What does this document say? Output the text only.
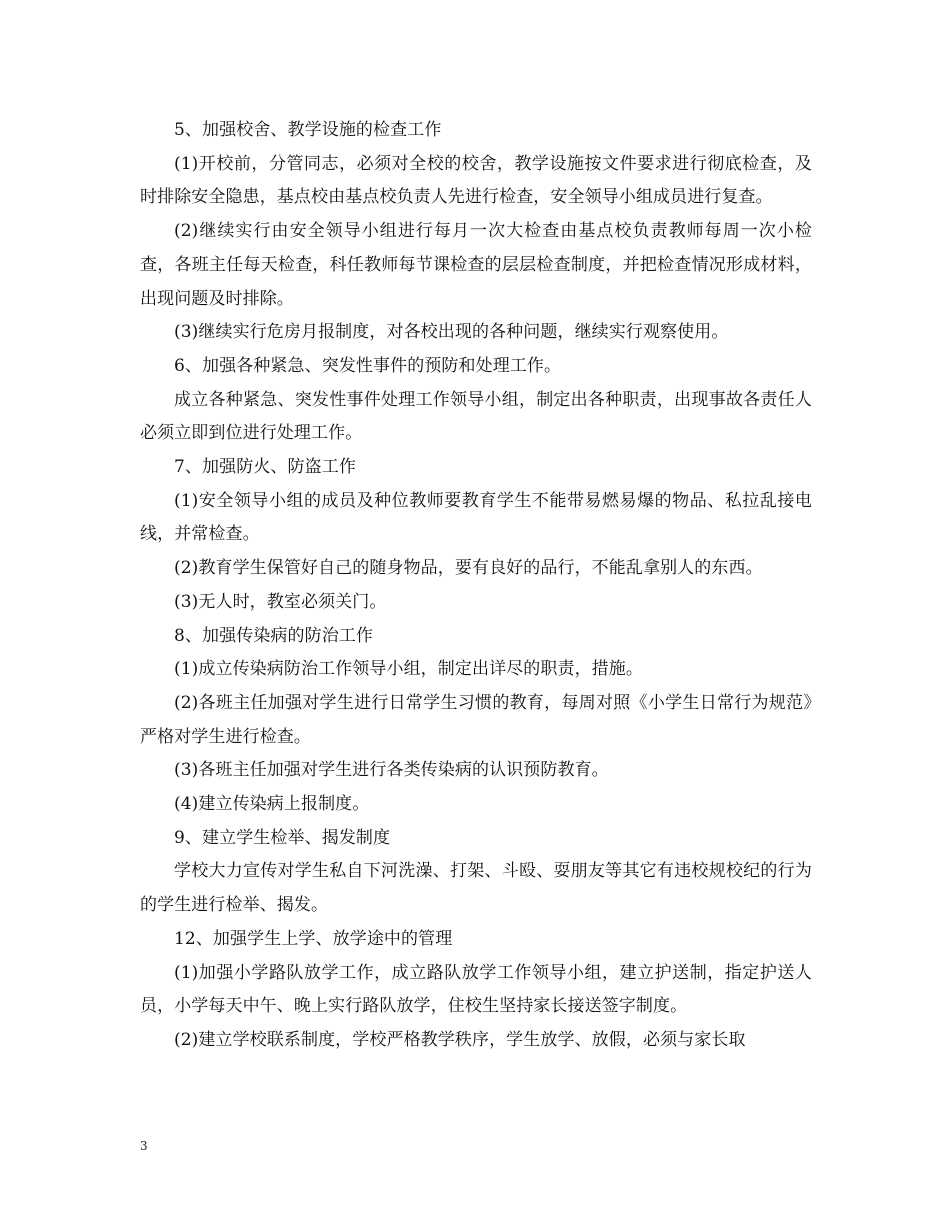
5、加强校舍、教学设施的检查工作

(1)开校前，分管同志，必须对全校的校舍，教学设施按文件要求进行彻底检查，及时排除安全隐患，基点校由基点校负责人先进行检查，安全领导小组成员进行复查。

(2)继续实行由安全领导小组进行每月一次大检查由基点校负责教师每周一次小检查，各班主任每天检查，科任教师每节课检查的层层检查制度，并把检查情况形成材料，出现问题及时排除。

(3)继续实行危房月报制度，对各校出现的各种问题，继续实行观察使用。

6、加强各种紧急、突发性事件的预防和处理工作。

成立各种紧急、突发性事件处理工作领导小组，制定出各种职责，出现事故各责任人必须立即到位进行处理工作。

7、加强防火、防盗工作

(1)安全领导小组的成员及种位教师要教育学生不能带易燃易爆的物品、私拉乱接电线，并常检查。

(2)教育学生保管好自己的随身物品，要有良好的品行，不能乱拿别人的东西。

(3)无人时，教室必须关门。

8、加强传染病的防治工作

(1)成立传染病防治工作领导小组，制定出详尽的职责，措施。

(2)各班主任加强对学生进行日常学生习惯的教育，每周对照《小学生日常行为规范》严格对学生进行检查。

(3)各班主任加强对学生进行各类传染病的认识预防教育。

(4)建立传染病上报制度。

9、建立学生检举、揭发制度

学校大力宣传对学生私自下河洗澡、打架、斗殴、耍朋友等其它有违校规校纪的行为的学生进行检举、揭发。

12、加强学生上学、放学途中的管理

(1)加强小学路队放学工作，成立路队放学工作领导小组，建立护送制，指定护送人员，小学每天中午、晚上实行路队放学，住校生坚持家长接送签字制度。

(2)建立学校联系制度，学校严格教学秩序，学生放学、放假，必须与家长取

3
